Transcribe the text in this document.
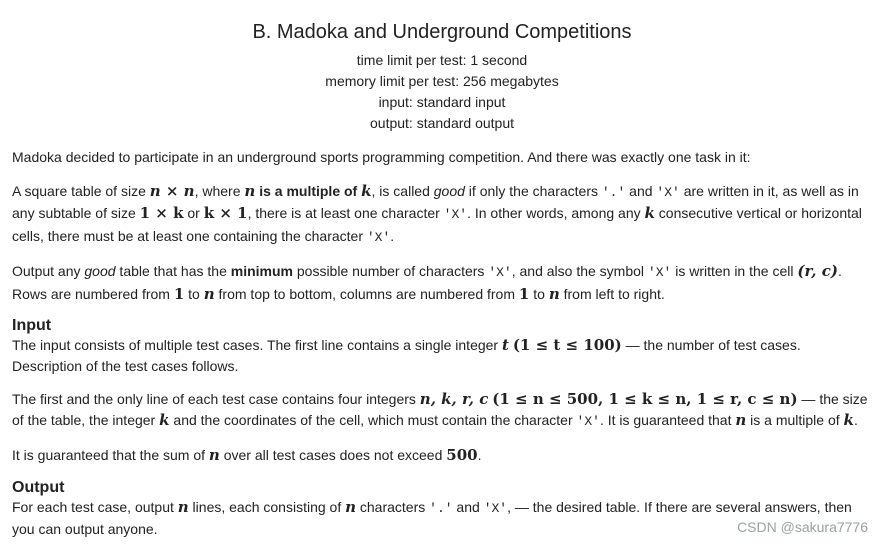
B. Madoka and Underground Competitions
time limit per test: 1 second
memory limit per test: 256 megabytes
input: standard input
output: standard output

Madoka decided to participate in an underground sports programming competition. And there was exactly one task in it:

A square table of size n × n, where n is a multiple of k, is called good if only the characters '.' and 'X' are written in it, as well as in any subtable of size 1 × k or k × 1, there is at least one character 'X'. In other words, among any k consecutive vertical or horizontal cells, there must be at least one containing the character 'X'.

Output any good table that has the minimum possible number of characters 'X', and also the symbol 'X' is written in the cell (r, c). Rows are numbered from 1 to n from top to bottom, columns are numbered from 1 to n from left to right.

Input

The input consists of multiple test cases. The first line contains a single integer t (1 ≤ t ≤ 100) — the number of test cases. Description of the test cases follows.

The first and the only line of each test case contains four integers n, k, r, c (1 ≤ n ≤ 500, 1 ≤ k ≤ n, 1 ≤ r, c ≤ n) — the size of the table, the integer k and the coordinates of the cell, which must contain the character 'X'. It is guaranteed that n is a multiple of k.

It is guaranteed that the sum of n over all test cases does not exceed 500.

Output

For each test case, output n lines, each consisting of n characters '.' and 'X', — the desired table. If there are several answers, then you can output anyone.	CSDN @sakura7776
